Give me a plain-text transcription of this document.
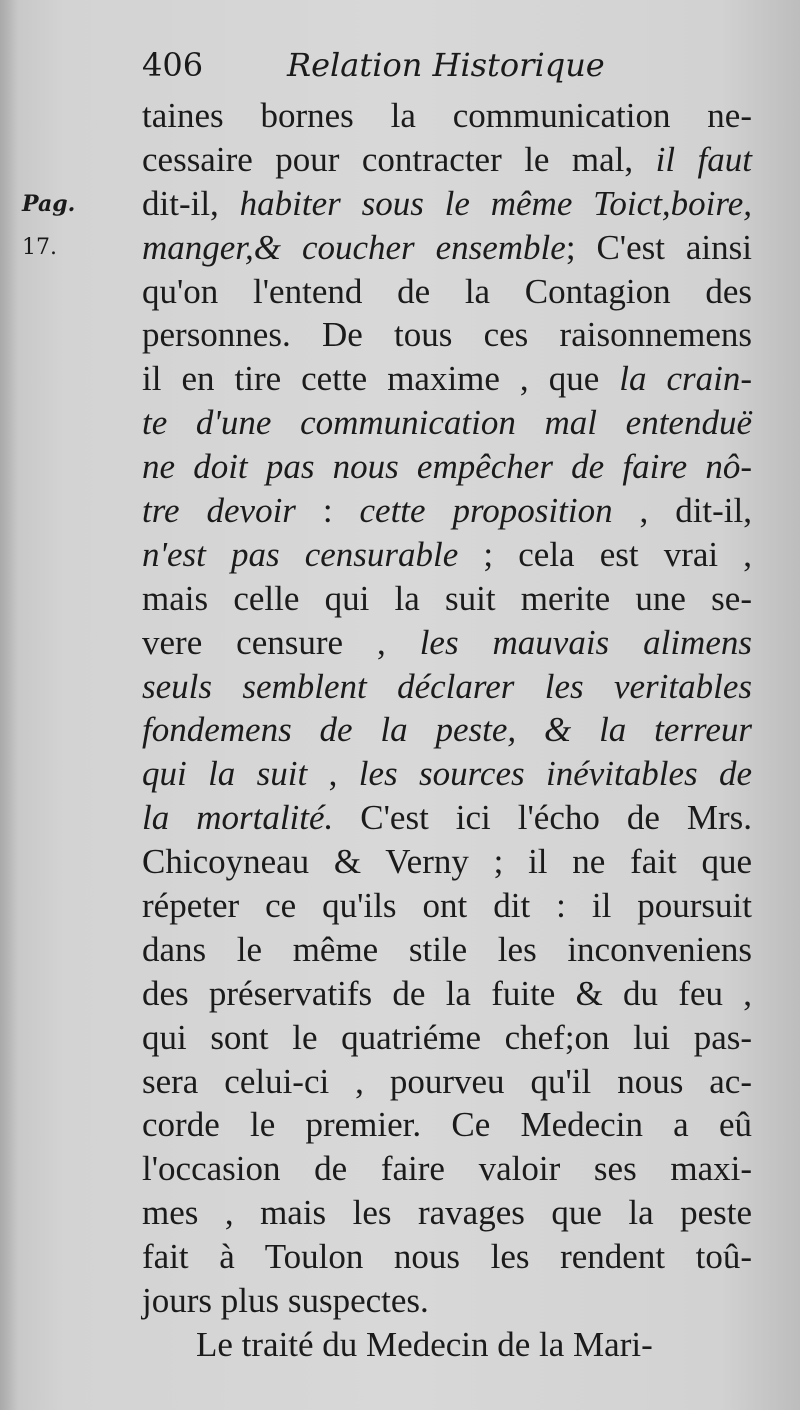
406	Relation Historique
Pag.
17.
taines bornes la communication ne-
cessaire pour contracter le mal, il faut
dit-il, habiter sous le même Toict,boire,
manger,& coucher ensemble; C'est ainsi
qu'on l'entend de la Contagion des
personnes. De tous ces raisonnemens
il en tire cette maxime , que la crain-
te d'une communication mal entenduë
ne doit pas nous empêcher de faire nô-
tre devoir : cette proposition , dit-il,
n'est pas censurable ; cela est vrai ,
mais celle qui la suit merite une se-
vere censure , les mauvais alimens
seuls semblent déclarer les veritables
fondemens de la peste, & la terreur
qui la suit , les sources inévitables de
la mortalité. C'est ici l'écho de Mrs.
Chicoyneau & Verny ; il ne fait que
répeter ce qu'ils ont dit : il poursuit
dans le même stile les inconveniens
des préservatifs de la fuite & du feu ,
qui sont le quatriéme chef;on lui pas-
sera celui-ci , pourveu qu'il nous ac-
corde le premier. Ce Medecin a eû
l'occasion de faire valoir ses maxi-
mes , mais les ravages que la peste
fait à Toulon nous les rendent toû-
jours plus suspectes.
Le traité du Medecin de la Mari-
